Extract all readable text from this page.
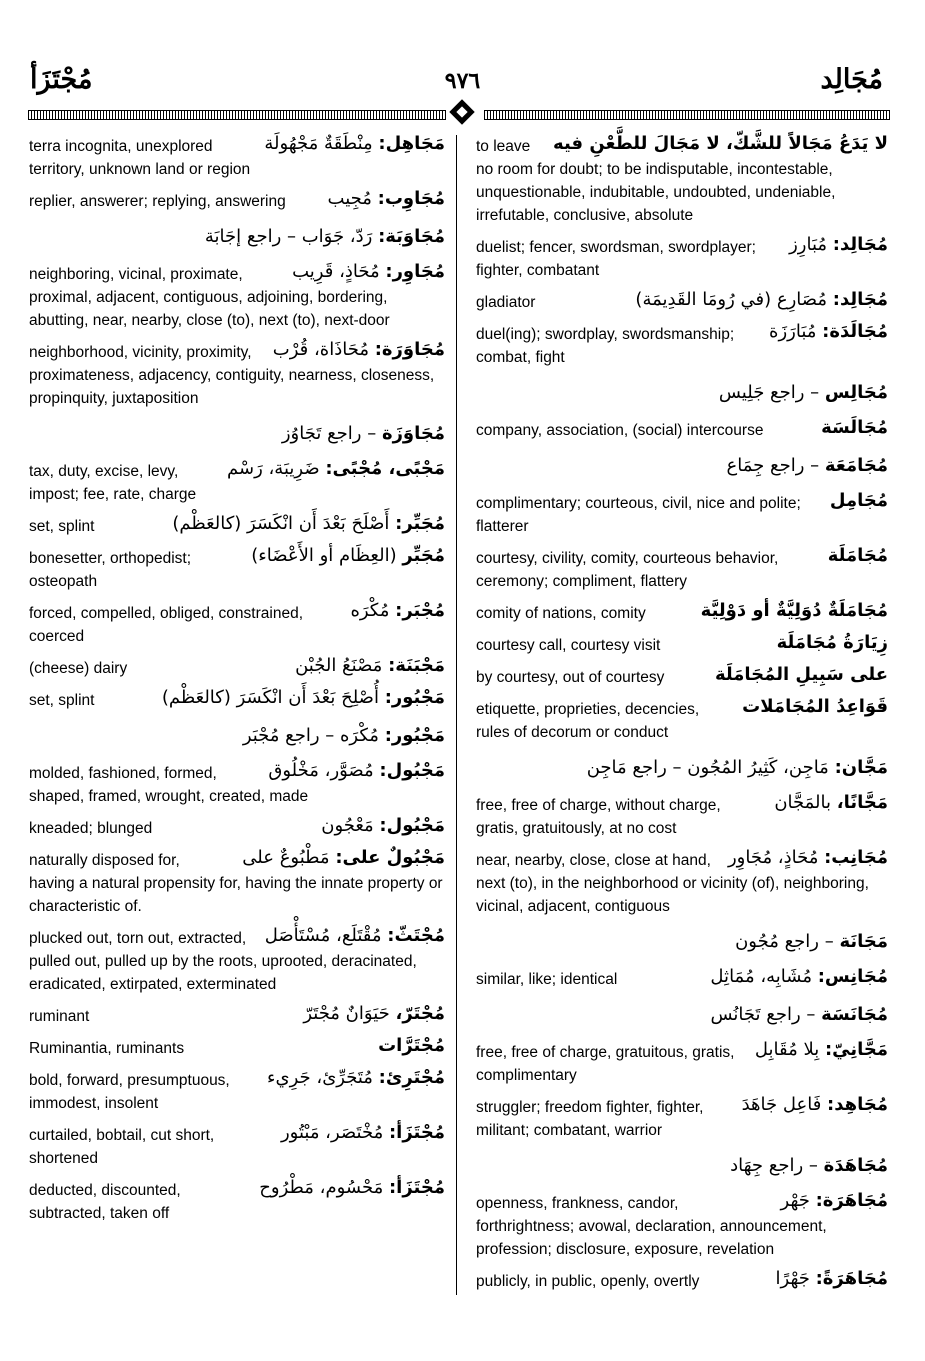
مُجْتَزَأ	٩٧٦	مُجَالِد
مَجَاهِل: مِنْطَقَةٌ مَجْهُولَة
terra incognita, unexplored territory, unknown land or region
مُجَاوِب: مُجِيب
replier, answerer; replying, answering
مُجَاوَبَة: رَدّ، جَوَاب – راجع إجَابَة
مُجَاوِر: مُحَاذٍ، قَرِيب
neighboring, vicinal, proximate, proximal, adjacent, contiguous, adjoining, bordering, abutting, near, nearby, close (to), next (to), next-door
مُجَاوَرَة: مُحَاذَاة، قُرْب
neighborhood, vicinity, proximity, proximateness, adjacency, contiguity, nearness, closeness, propinquity, juxtaposition
مُجَاوَزَة – راجع تَجَاوُز
مَجْبًى، مُجْبًى: ضَرِيبَة، رَسْم
tax, duty, excise, levy, impost; fee, rate, charge
مُجَبِّر: أَصْلَحَ بَعْدَ أَن انْكَسَرَ (كالعَظْم)
set, splint
مُجَبِّر (العِظَام أو الأَعْضَاء)
bonesetter, orthopedist; osteopath
مُجْبَر: مُكْرَه
forced, compelled, obliged, constrained, coerced
مَجْبَنَة: مَصْنَعُ الجُبْن
(cheese) dairy
مَجْبُور: أُصْلِحَ بَعْدَ أَن انْكَسَرَ (كالعَظْم)
set, splint
مَجْبُور: مُكْرَه – راجع مُجْبَر
مَجْبُول: مُصَوَّر، مَخْلُوق
molded, fashioned, formed, shaped, framed, wrought, created, made
مَجْبُول: مَعْجُون
kneaded; blunged
مَجْبُولٌ على: مَطْبُوعٌ على
naturally disposed for, having a natural propensity for, having the innate property or characteristic of.
مُجْتَثّ: مُقْتَلَع، مُسْتَأْصَل
plucked out, torn out, extracted, pulled out, pulled up by the roots, uprooted, deracinated, eradicated, extirpated, exterminated
مُجْتَرّ، حَيَوَانٌ مُجْتَرّ
ruminant
مُجْتَرَّات
Ruminantia, ruminants
مُجْتَرِئ: مُتَجَرِّئ، جَرِيء
bold, forward, presumptuous, immodest, insolent
مُجْتَزَأ: مُخْتَصَر، مَبْتُور
curtailed, bobtail, cut short, shortened
مُجْتَزَأ: مَحْسُوم، مَطْرُوح
deducted, discounted, subtracted, taken off
لا يَدَعُ مَجَالاً للشَّكّ، لا مَجَالَ للطَّعْنِ فيه
to leave no room for doubt; to be indisputable, incontestable, unquestionable, indubitable, undoubted, undeniable, irrefutable, conclusive, absolute
مُجَالِد: مُبَارِز
duelist; fencer, swordsman, swordplayer; fighter, combatant
مُجَالِد: مُصَارِع (في رُومَا القَدِيمَة)
gladiator
مُجَالَدَة: مُبَارَزَة
duel(ing); swordplay, swordsmanship; combat, fight
مُجَالِس – راجع جَلِيس
مُجَالَسَة
company, association, (social) intercourse
مُجَامَعَة – راجع جِمَاع
مُجَامِل
complimentary; courteous, civil, nice and polite; flatterer
مُجَامَلَة
courtesy, civility, comity, courteous behavior, ceremony; compliment, flattery
مُجَامَلَةٌ دُوَلِيَّةٌ أو دَوْلِيَّة
comity of nations, comity
زِيَارَةُ مُجَامَلَة
courtesy call, courtesy visit
على سَبِيلِ المُجَامَلَة
by courtesy, out of courtesy
قَوَاعِدُ المُجَامَلات
etiquette, proprieties, decencies, rules of decorum or conduct
مَجَّان: مَاجِن، كَثِيرُ المُجُون – راجع مَاجِن
مَجَّانًا، بالمَجَّان
free, free of charge, without charge, gratis, gratuitously, at no cost
مُجَانِب: مُحَاذٍ، مُجَاوِر
near, nearby, close, close at hand, next (to), in the neighborhood or vicinity (of), neighboring, vicinal, adjacent, contiguous
مَجَانَة – راجع مُجُون
مُجَانِس: مُشَابِه، مُمَاثِل
similar, like; identical
مُجَانَسَة – راجع تَجَانُس
مَجَّانِيّ: بِلا مُقَابِل
free, free of charge, gratuitous, gratis, complimentary
مُجَاهِد: فَاعِل جَاهَدَ
struggler; freedom fighter, fighter, militant; combatant, warrior
مُجَاهَدَة – راجع جِهَاد
مُجَاهَرَة: جَهْر
openness, frankness, candor, forthrightness; avowal, declaration, announcement, profession; disclosure, exposure, revelation
مُجَاهَرَةً: جَهْرًا
publicly, in public, openly, overtly
